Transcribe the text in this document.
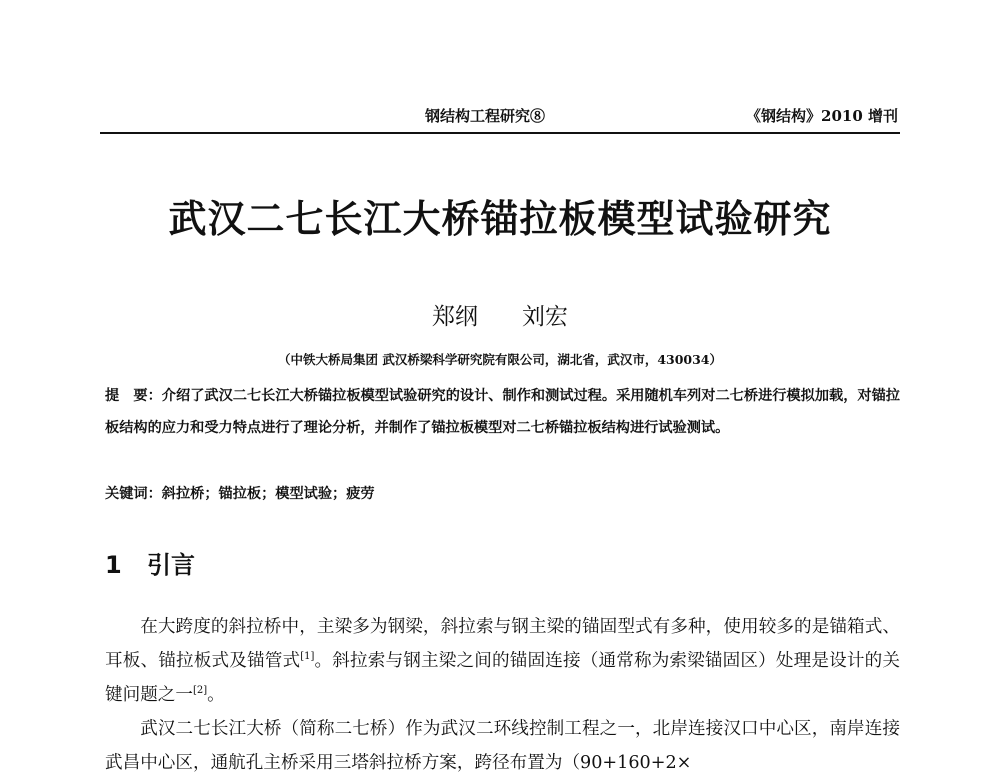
钢结构工程研究⑧	《钢结构》2010 增刊
武汉二七长江大桥锚拉板模型试验研究
郑纲 刘宏
（中铁大桥局集团 武汉桥梁科学研究院有限公司，湖北省，武汉市，430034）
提　要：介绍了武汉二七长江大桥锚拉板模型试验研究的设计、制作和测试过程。采用随机车列对二七桥进行模拟加载，对锚拉板结构的应力和受力特点进行了理论分析，并制作了锚拉板模型对二七桥锚拉板结构进行试验测试。
关键词：斜拉桥；锚拉板；模型试验；疲劳
1 引言

在大跨度的斜拉桥中，主梁多为钢梁，斜拉索与钢主梁的锚固型式有多种，使用较多的是锚箱式、耳板、锚拉板式及锚管式[1]。斜拉索与钢主梁之间的锚固连接（通常称为索梁锚固区）处理是设计的关键问题之一[2]。

武汉二七长江大桥（简称二七桥）作为武汉二环线控制工程之一，北岸连接汉口中心区，南岸连接武昌中心区，通航孔主桥采用三塔斜拉桥方案，跨径布置为（90+160+2×
